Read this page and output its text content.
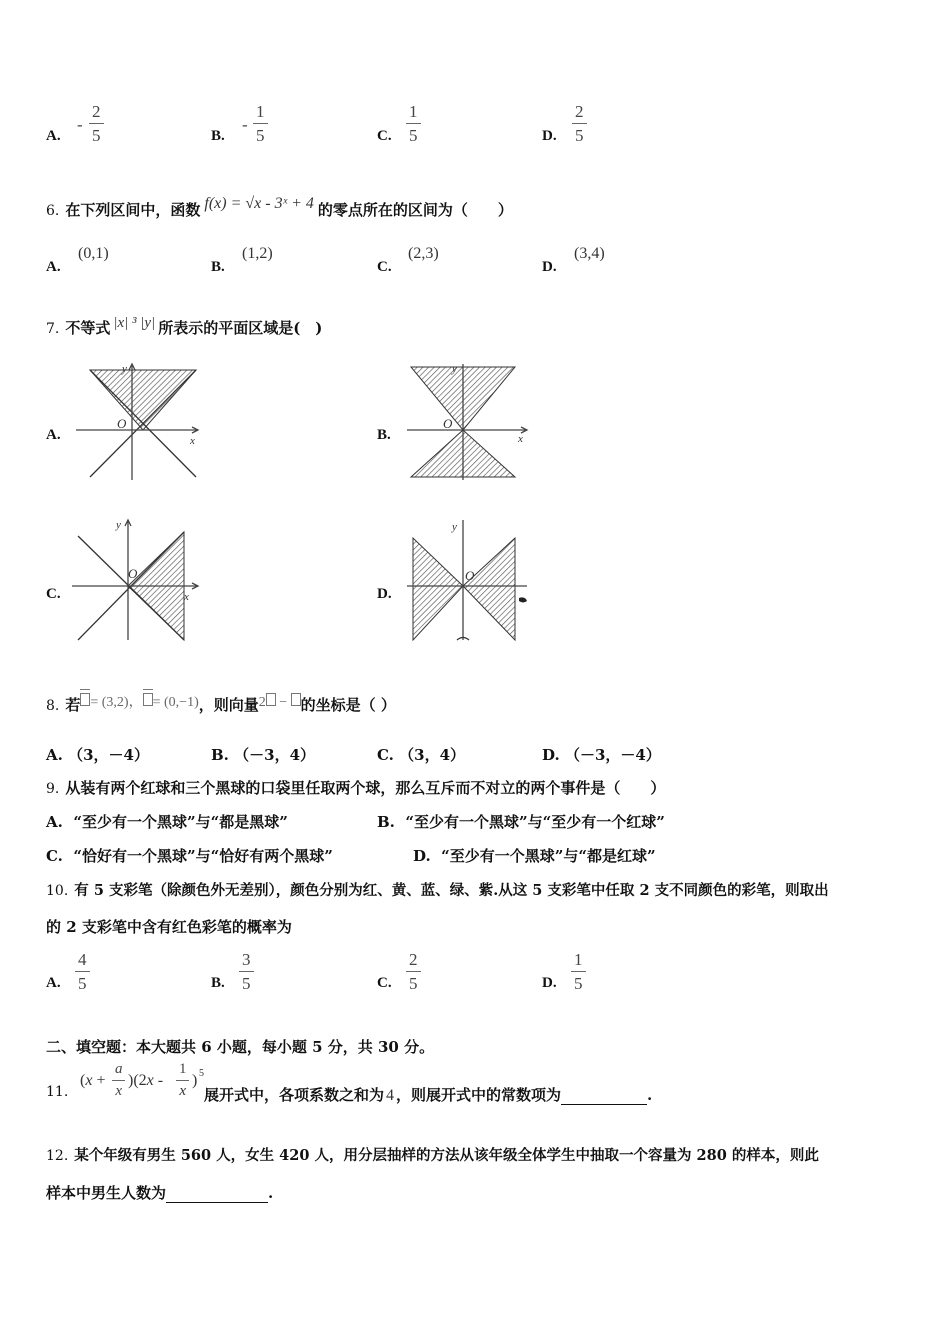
A.
- $\frac{2}{5}$	B.
- $\frac{1}{5}$	C. $\frac{1}{5}$	D. $\frac{2}{5}$
6. 在下列区间中，函数 f(x) = √x - 3ˣ + 4 的零点所在的区间为（　　）
A.
(0,1)
B.
(1,2)
C.
(2,3)
D.
(3,4)
7. 不等式 |x| ³ |y| 所表示的平面区域是(　)
A.	x
y
O
B.	x
y
O
C.	x
y
O
D.
y
O
8. 若 = (3,2)， = (0,−1)，则向量2 − 的坐标是（ ）
A. （3，－4）	B. （－3，4）	C. （3，4）	D. （－3，－4）
9. 从装有两个红球和三个黑球的口袋里任取两个球，那么互斥而不对立的两个事件是（　　）
A. “至少有一个黑球”与“都是黑球”	B. “至少有一个黑球”与“至少有一个红球”
C. “恰好有一个黑球”与“恰好有两个黑球”	D. “至少有一个黑球”与“都是红球”
10. 有 5 支彩笔（除颜色外无差别），颜色分别为红、黄、蓝、绿、紫.从这 5 支彩笔中任取 2 支不同颜色的彩笔，则取出
的 2 支彩笔中含有红色彩笔的概率为
A. $\frac{4}{5}$	B. $\frac{3}{5}$	C. $\frac{2}{5}$	D. $\frac{1}{5}$
二、填空题：本大题共 6 小题，每小题 5 分，共 30 分。
11.
$(x + \frac{a}{x} )(2x - \frac{1}{x}$ ) 5
展开式中，各项系数之和为 4 ，则展开式中的常数项为	.
12. 某个年级有男生 560 人，女生 420 人，用分层抽样的方法从该年级全体学生中抽取一个容量为 280 的样本，则此
样本中男生人数为	.
